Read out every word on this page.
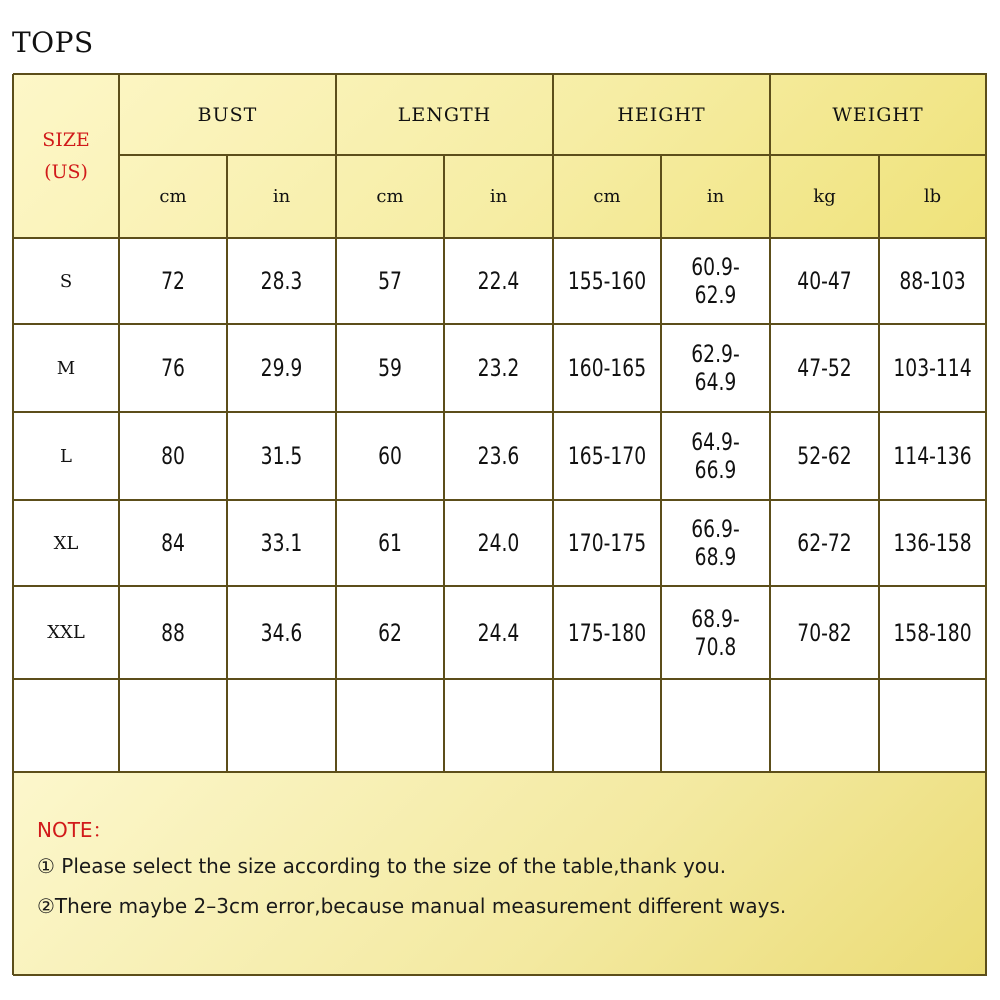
TOPS
SIZE
(US)
BUST	LENGTH	HEIGHT	WEIGHT
cm	in	cm	in	cm	in	kg	lb
S	72	28.3	57	22.4	155-160	60.9-62.9	40-47	88-103
M	76	29.9	59	23.2	160-165	62.9-64.9	47-52	103-114
L	80	31.5	60	23.6	165-170	64.9-66.9	52-62	114-136
XL	84	33.1	61	24.0	170-175	66.9-68.9	62-72	136-158
XXL	88	34.6	62	24.4	175-180	68.9-70.8	70-82	158-180
NOTE：
① Please select the size according to the size of the table,thank you.
②There maybe 2–3cm error,because manual measurement different ways.
